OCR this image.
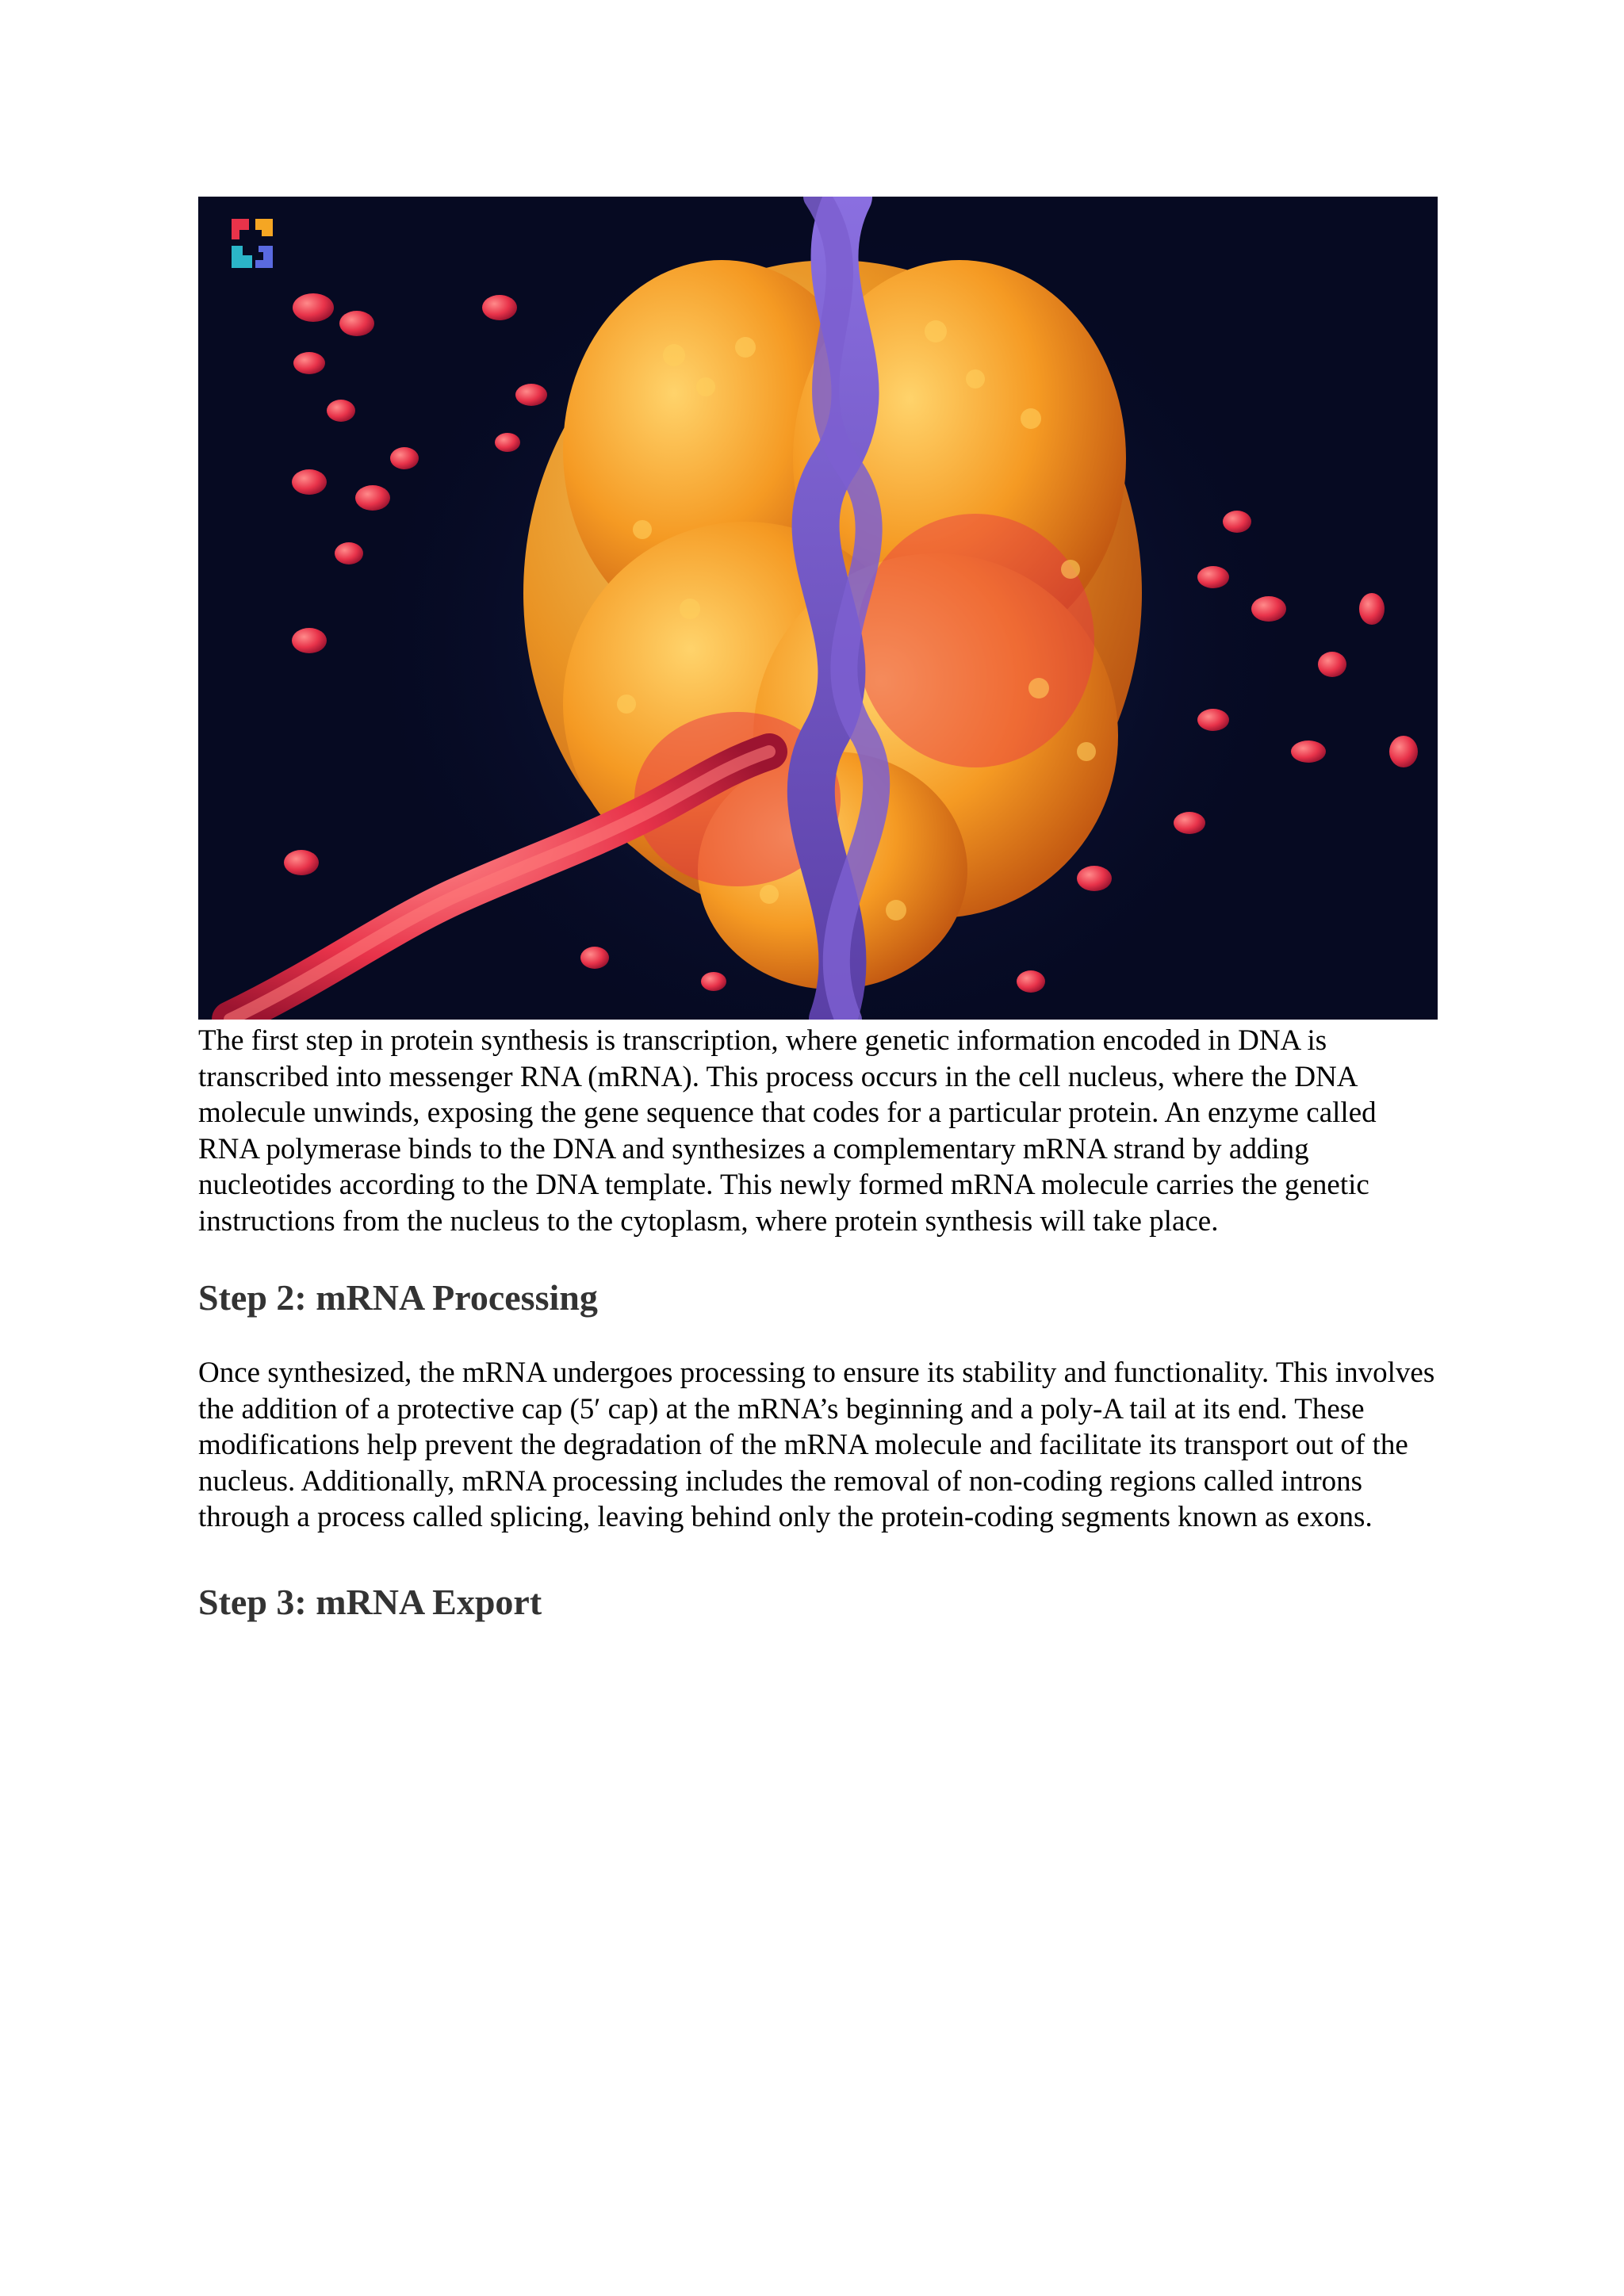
The first step in protein synthesis is transcription, where genetic information encoded in DNA is transcribed into messenger RNA (mRNA). This process occurs in the cell nucleus, where the DNA molecule unwinds, exposing the gene sequence that codes for a particular protein. An enzyme called RNA polymerase binds to the DNA and synthesizes a complementary mRNA strand by adding nucleotides according to the DNA template. This newly formed mRNA molecule carries the genetic instructions from the nucleus to the cytoplasm, where protein synthesis will take place.

Step 2: mRNA Processing

Once synthesized, the mRNA undergoes processing to ensure its stability and functionality. This involves the addition of a protective cap (5′ cap) at the mRNA’s beginning and a poly-A tail at its end. These modifications help prevent the degradation of the mRNA molecule and facilitate its transport out of the nucleus. Additionally, mRNA processing includes the removal of non-coding regions called introns through a process called splicing, leaving behind only the protein-coding segments known as exons.

Step 3: mRNA Export
